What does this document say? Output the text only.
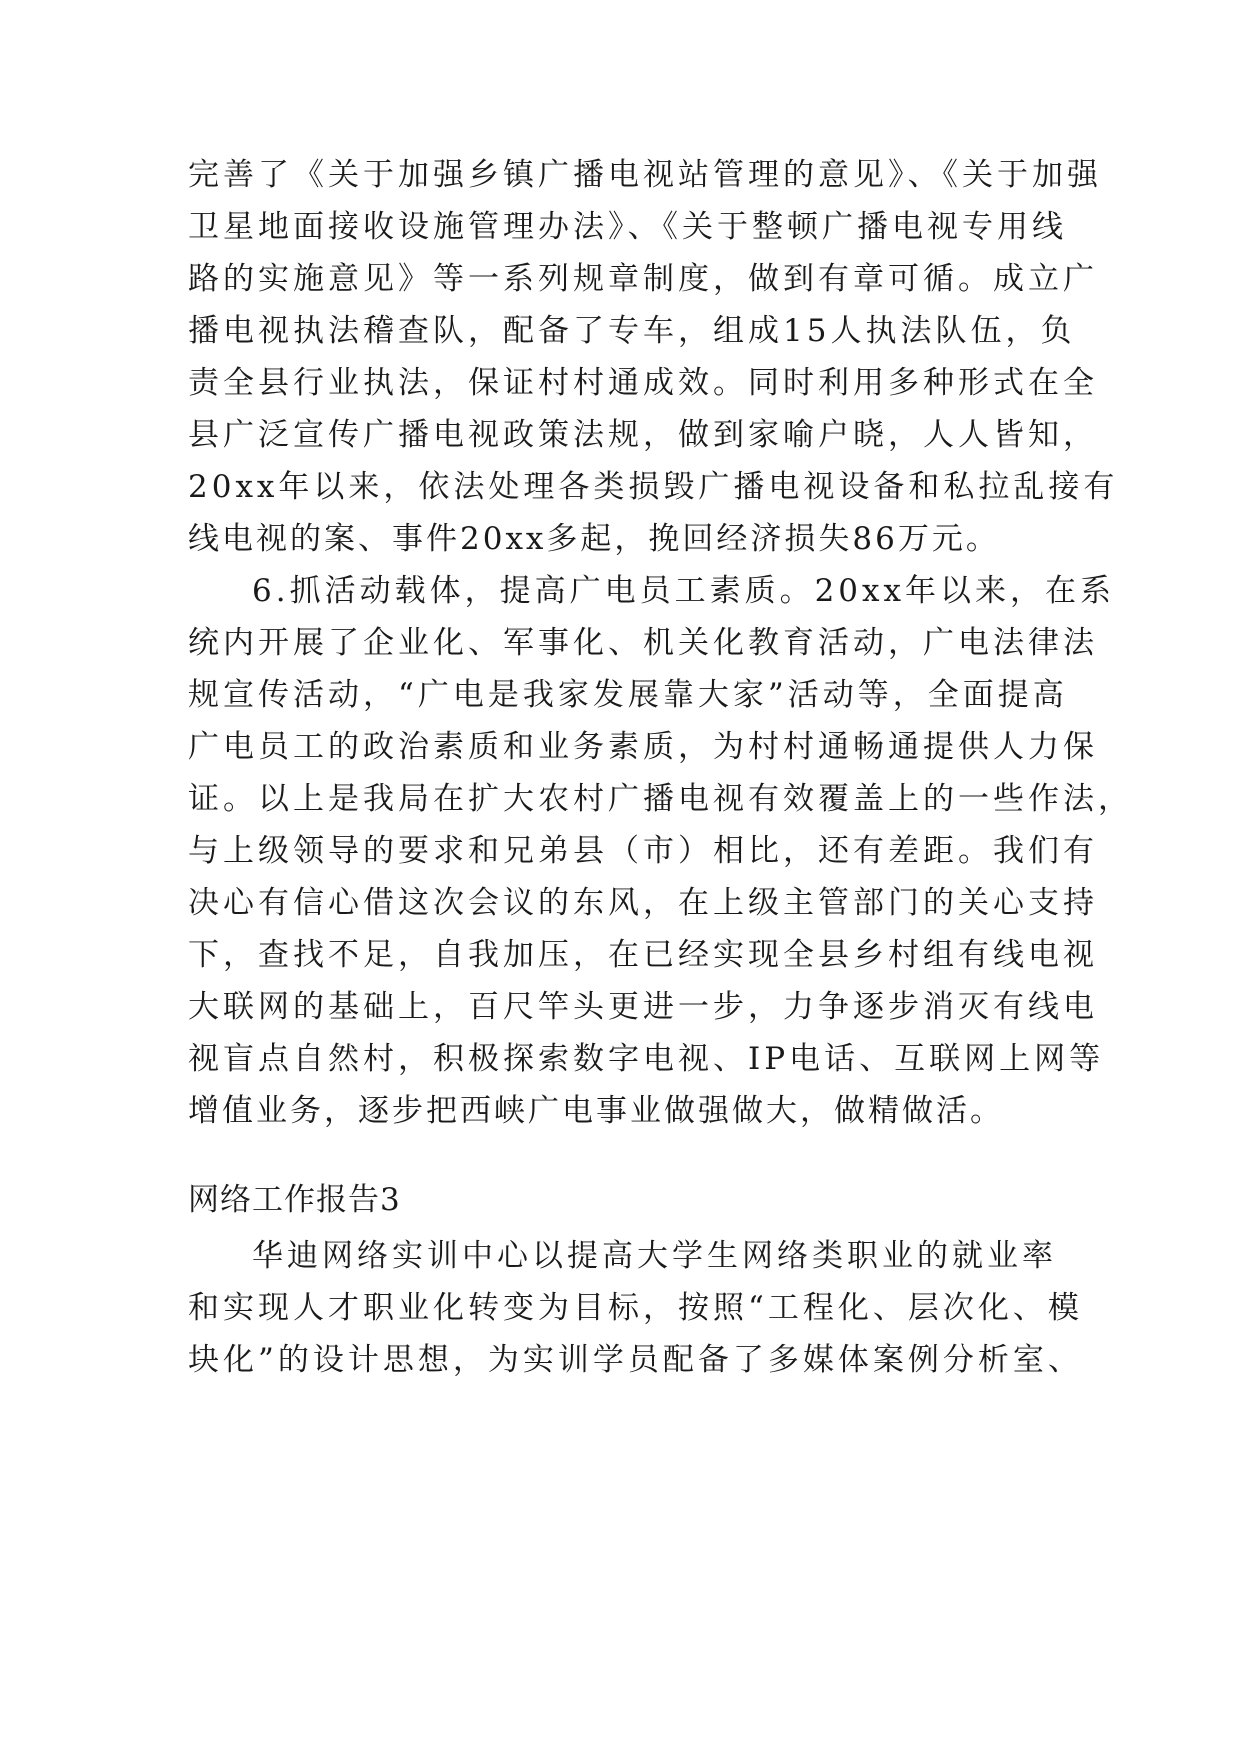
完善了《关于加强乡镇广播电视站管理的意见》、《关于加强
卫星地面接收设施管理办法》、《关于整顿广播电视专用线
路的实施意见》等一系列规章制度，做到有章可循。成立广
播电视执法稽查队，配备了专车，组成15人执法队伍，负
责全县行业执法，保证村村通成效。同时利用多种形式在全
县广泛宣传广播电视政策法规，做到家喻户晓，人人皆知，
20xx年以来，依法处理各类损毁广播电视设备和私拉乱接有
线电视的案、事件20xx多起，挽回经济损失86万元。
6.抓活动载体，提高广电员工素质。20xx年以来，在系
统内开展了企业化、军事化、机关化教育活动，广电法律法
规宣传活动，“广电是我家发展靠大家”活动等，全面提高
广电员工的政治素质和业务素质，为村村通畅通提供人力保
证。以上是我局在扩大农村广播电视有效覆盖上的一些作法，
与上级领导的要求和兄弟县（市）相比，还有差距。我们有
决心有信心借这次会议的东风，在上级主管部门的关心支持
下，查找不足，自我加压，在已经实现全县乡村组有线电视
大联网的基础上，百尺竿头更进一步，力争逐步消灭有线电
视盲点自然村，积极探索数字电视、IP电话、互联网上网等
增值业务，逐步把西峡广电事业做强做大，做精做活。
网络工作报告3
华迪网络实训中心以提高大学生网络类职业的就业率
和实现人才职业化转变为目标，按照“工程化、层次化、模
块化”的设计思想，为实训学员配备了多媒体案例分析室、
